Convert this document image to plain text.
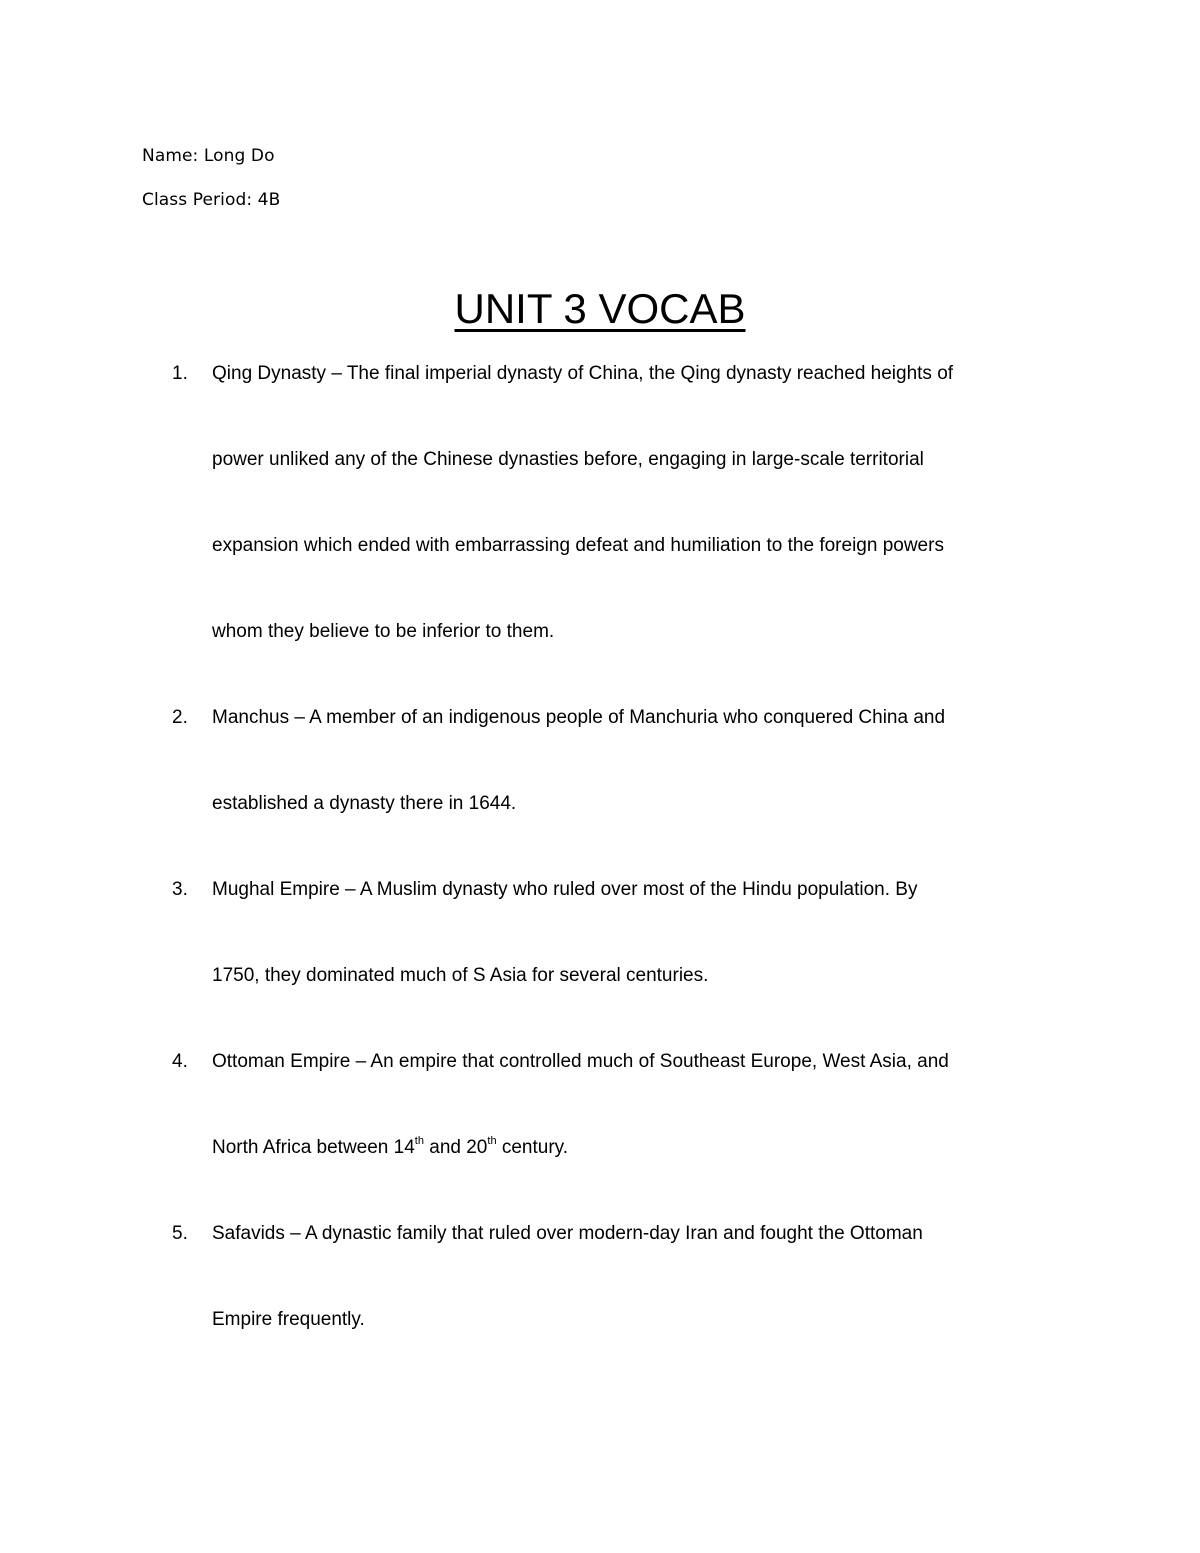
Name: Long Do
Class Period: 4B
UNIT 3 VOCAB
1. Qing Dynasty – The final imperial dynasty of China, the Qing dynasty reached heights of
power unliked any of the Chinese dynasties before, engaging in large-scale territorial
expansion which ended with embarrassing defeat and humiliation to the foreign powers
whom they believe to be inferior to them.
2. Manchus – A member of an indigenous people of Manchuria who conquered China and
established a dynasty there in 1644.
3. Mughal Empire – A Muslim dynasty who ruled over most of the Hindu population. By
1750, they dominated much of S Asia for several centuries.
4. Ottoman Empire – An empire that controlled much of Southeast Europe, West Asia, and
North Africa between 14th and 20th century.
5. Safavids – A dynastic family that ruled over modern-day Iran and fought the Ottoman
Empire frequently.
